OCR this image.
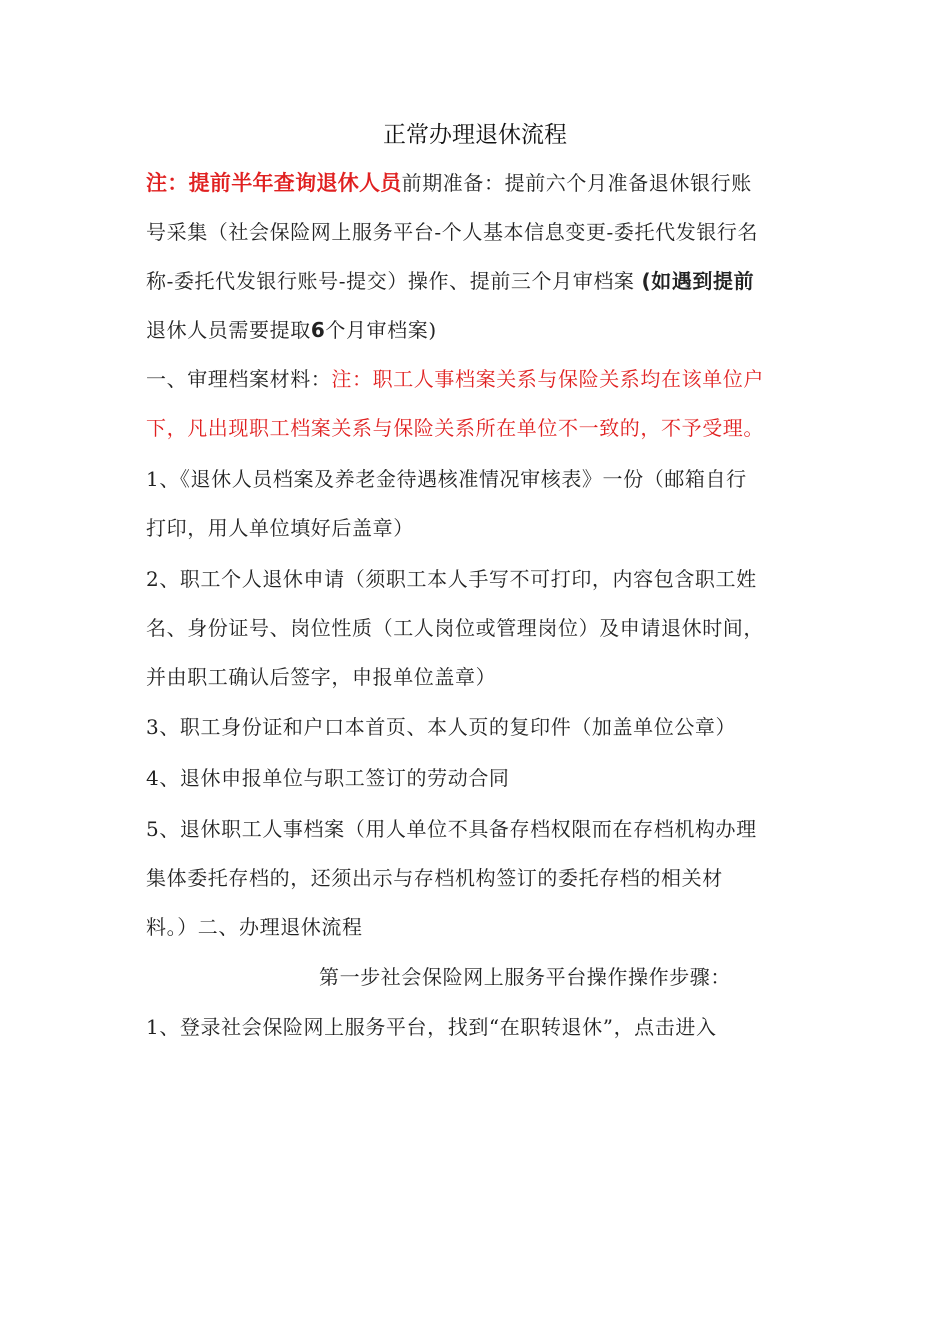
正常办理退休流程
注：提前半年查询退休人员前期准备：提前六个月准备退休银行账
号采集（社会保险网上服务平台-个人基本信息变更-委托代发银行名
称-委托代发银行账号-提交）操作、提前三个月审档案 (如遇到提前
退休人员需要提取6个月审档案)
一、审理档案材料：注：职工人事档案关系与保险关系均在该单位户
下，凡出现职工档案关系与保险关系所在单位不一致的，不予受理。
1、《退休人员档案及养老金待遇核准情况审核表》一份（邮箱自行
打印，用人单位填好后盖章）
2、职工个人退休申请（须职工本人手写不可打印，内容包含职工姓
名、身份证号、岗位性质（工人岗位或管理岗位）及申请退休时间，
并由职工确认后签字，申报单位盖章）
3、职工身份证和户口本首页、本人页的复印件（加盖单位公章）
4、退休申报单位与职工签订的劳动合同
5、退休职工人事档案（用人单位不具备存档权限而在存档机构办理
集体委托存档的，还须出示与存档机构签订的委托存档的相关材
料。）二、办理退休流程
第一步社会保险网上服务平台操作操作步骤：
1、登录社会保险网上服务平台，找到“在职转退休”，点击进入
